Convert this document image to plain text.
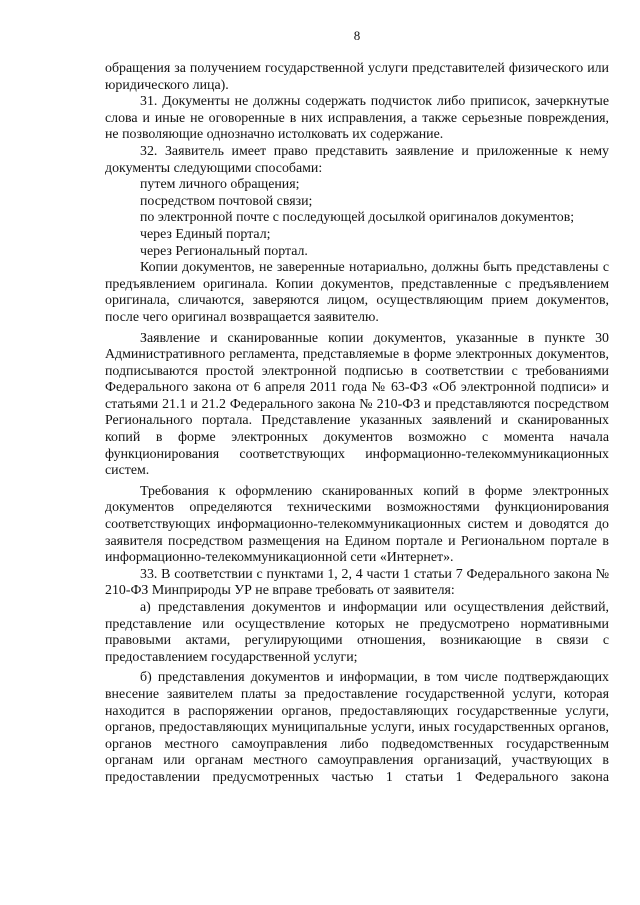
8

обращения за получением государственной услуги представителей физического или юридического лица).

31. Документы не должны содержать подчисток либо приписок, зачеркнутые слова и иные не оговоренные в них исправления, а также серьезные повреждения, не позволяющие однозначно истолковать их содержание.

32. Заявитель имеет право представить заявление и приложенные к нему документы следующими способами:

путем личного обращения;

посредством почтовой связи;

по электронной почте с последующей досылкой оригиналов документов;

через Единый портал;

через Региональный портал.

Копии документов, не заверенные нотариально, должны быть представлены с предъявлением оригинала. Копии документов, представленные с предъявлением оригинала, сличаются, заверяются лицом, осуществляющим прием документов, после чего оригинал возвращается заявителю.

Заявление и сканированные копии документов, указанные в пункте 30 Административного регламента, представляемые в форме электронных документов, подписываются простой электронной подписью в соответствии с требованиями Федерального закона от 6 апреля 2011 года № 63-ФЗ «Об электронной подписи» и статьями 21.1 и 21.2 Федерального закона № 210-ФЗ и представляются посредством Регионального портала. Представление указанных заявлений и сканированных копий в форме электронных документов возможно с момента начала функционирования соответствующих информационно-телекоммуникационных систем.

Требования к оформлению сканированных копий в форме электронных документов определяются техническими возможностями функционирования соответствующих информационно-телекоммуникационных систем и доводятся до заявителя посредством размещения на Едином портале и Региональном портале в информационно-телекоммуникационной сети «Интернет».

33. В соответствии с пунктами 1, 2, 4 части 1 статьи 7 Федерального закона № 210-ФЗ Минприроды УР не вправе требовать от заявителя:

а) представления документов и информации или осуществления действий, представление или осуществление которых не предусмотрено нормативными правовыми актами, регулирующими отношения, возникающие в связи с предоставлением государственной услуги;

б) представления документов и информации, в том числе подтверждающих внесение заявителем платы за предоставление государственной услуги, которая находится в распоряжении органов, предоставляющих государственные услуги, органов, предоставляющих муниципальные услуги, иных государственных органов, органов местного самоуправления либо подведомственных государственным органам или органам местного самоуправления организаций, участвующих в предоставлении предусмотренных частью 1 статьи 1 Федерального закона
